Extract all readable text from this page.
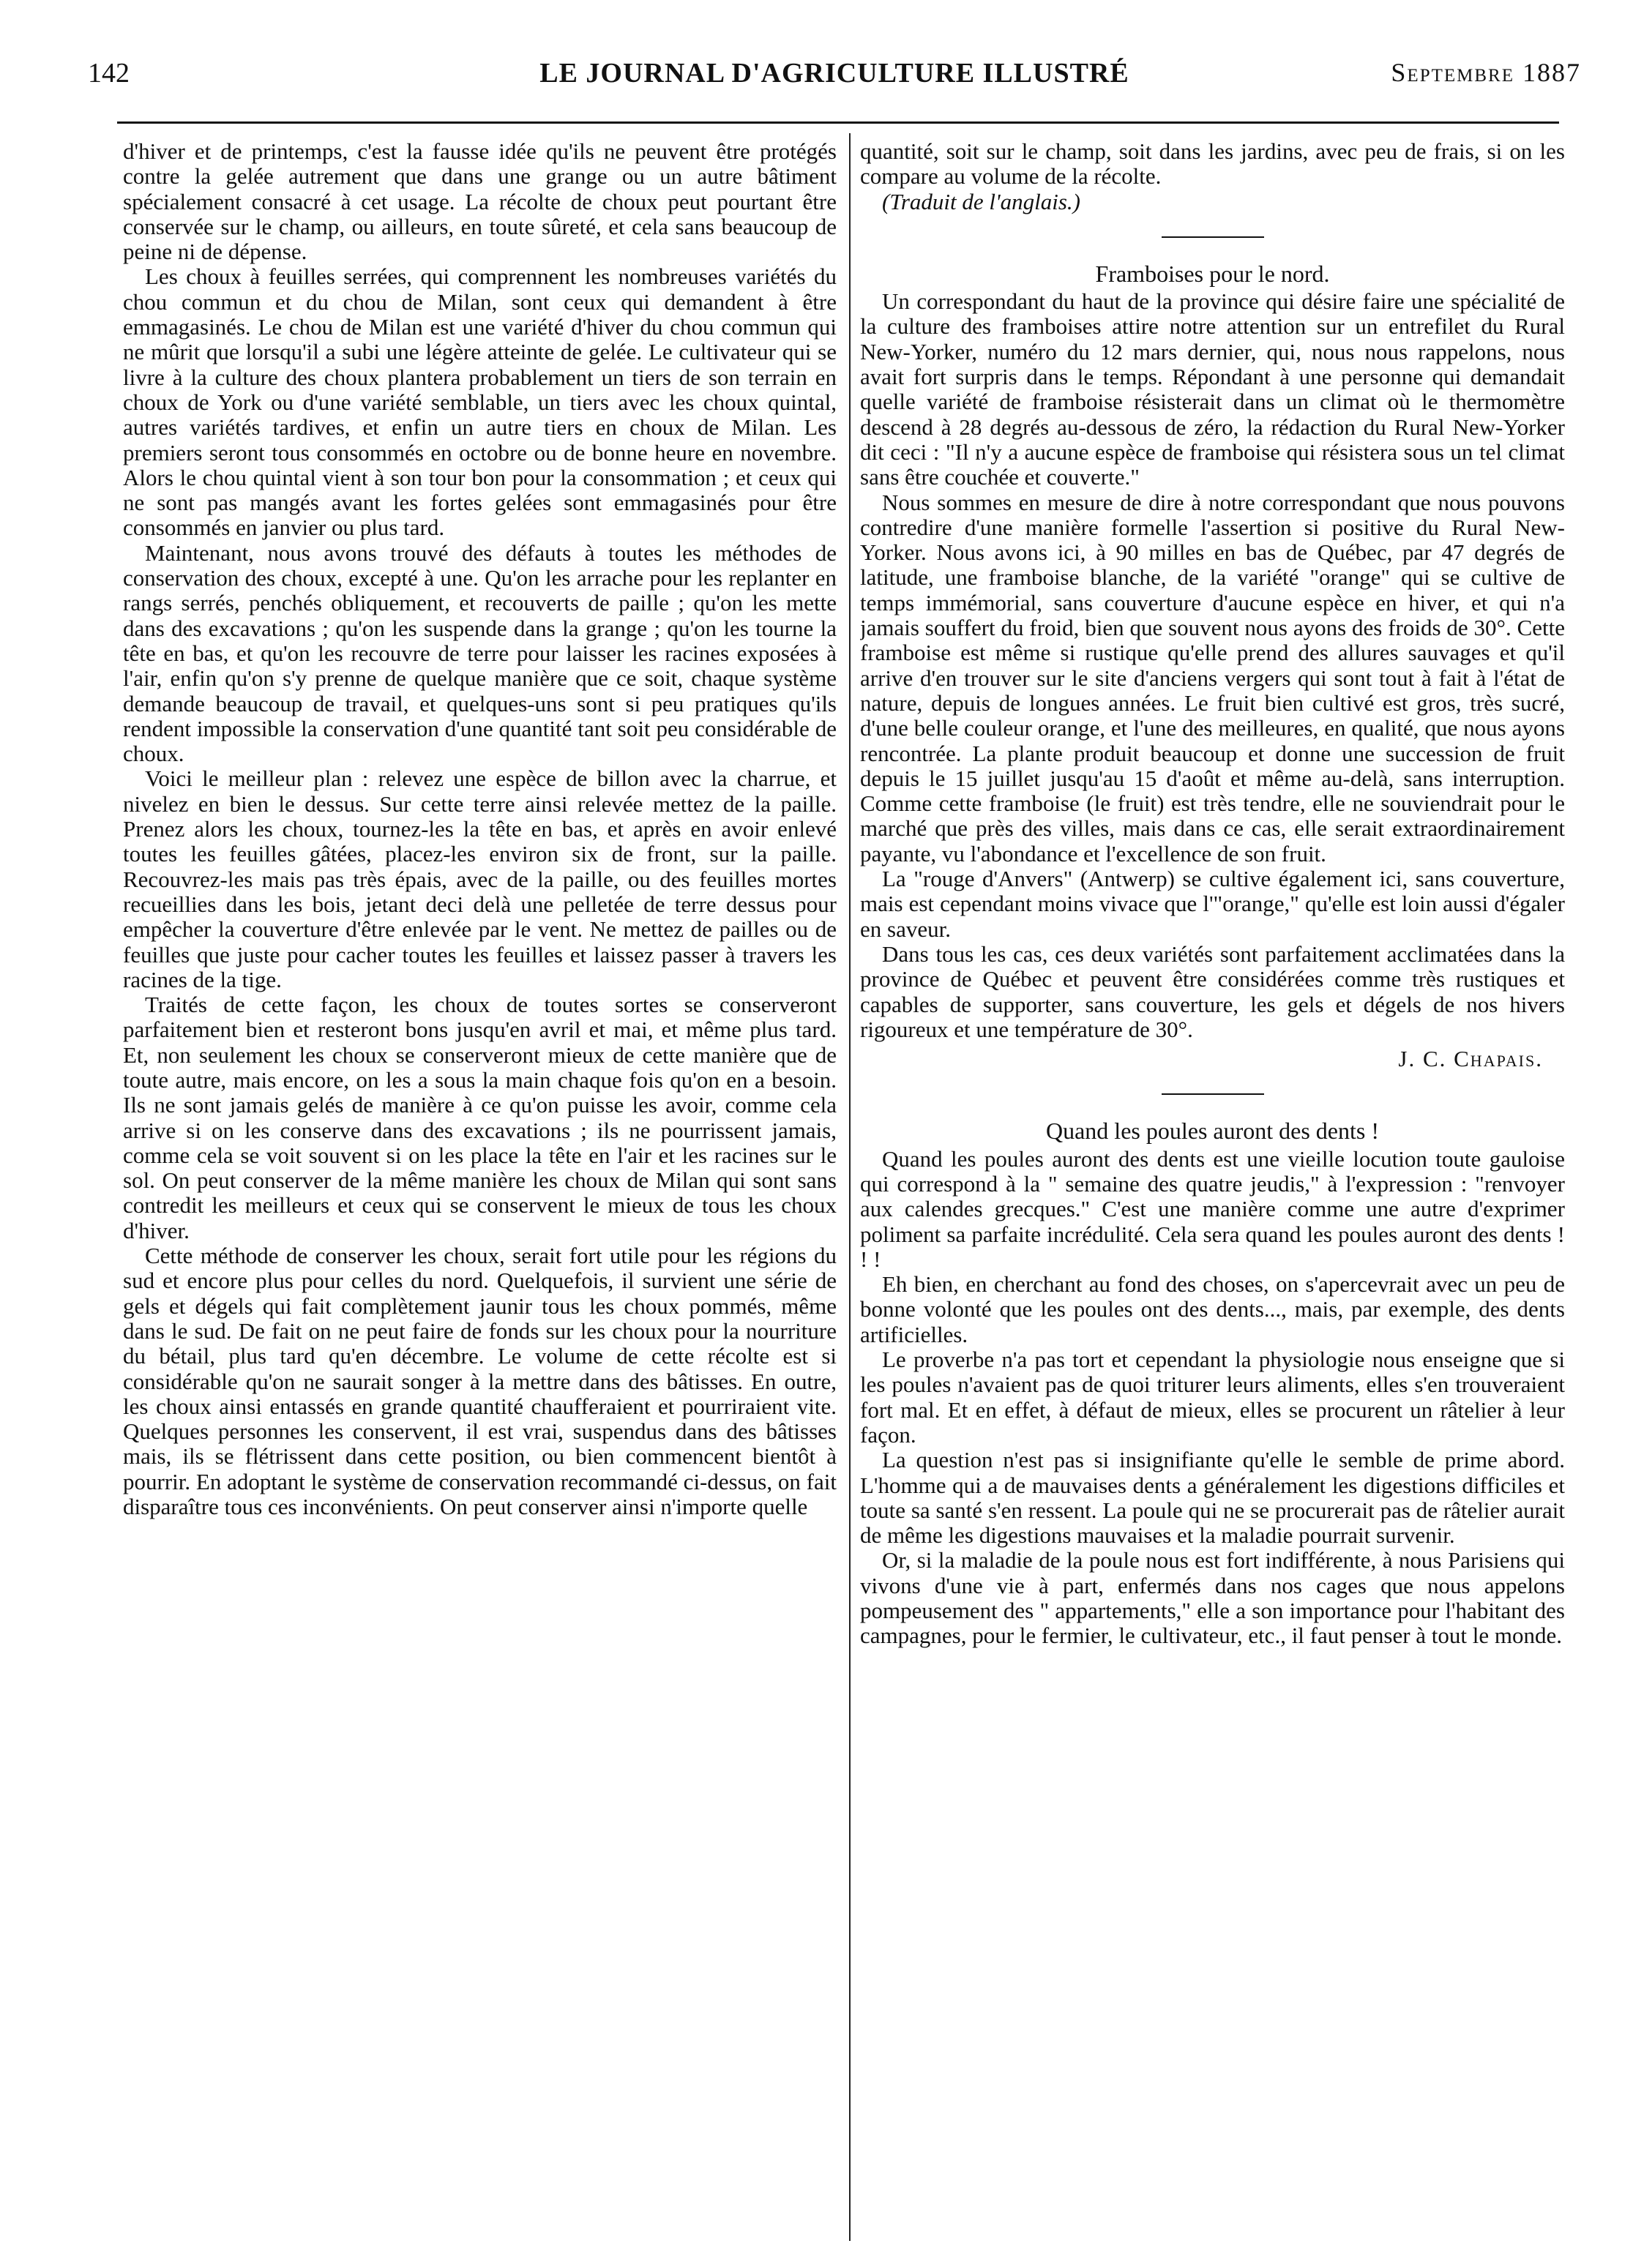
142	LE JOURNAL D'AGRICULTURE ILLUSTRÉ	Septembre 1887

d'hiver et de printemps, c'est la fausse idée qu'ils ne peuvent être protégés contre la gelée autrement que dans une grange ou un autre bâtiment spécialement consacré à cet usage. La récolte de choux peut pourtant être conservée sur le champ, ou ailleurs, en toute sûreté, et cela sans beaucoup de peine ni de dépense.

Les choux à feuilles serrées, qui comprennent les nombreuses variétés du chou commun et du chou de Milan, sont ceux qui demandent à être emmagasinés. Le chou de Milan est une variété d'hiver du chou commun qui ne mûrit que lorsqu'il a subi une légère atteinte de gelée. Le cultivateur qui se livre à la culture des choux plantera probablement un tiers de son terrain en choux de York ou d'une variété semblable, un tiers avec les choux quintal, autres variétés tardives, et enfin un autre tiers en choux de Milan. Les premiers seront tous consommés en octobre ou de bonne heure en novembre. Alors le chou quintal vient à son tour bon pour la consommation ; et ceux qui ne sont pas mangés avant les fortes gelées sont emmagasinés pour être consommés en janvier ou plus tard.

Maintenant, nous avons trouvé des défauts à toutes les méthodes de conservation des choux, excepté à une. Qu'on les arrache pour les replanter en rangs serrés, penchés obliquement, et recouverts de paille ; qu'on les mette dans des excavations ; qu'on les suspende dans la grange ; qu'on les tourne la tête en bas, et qu'on les recouvre de terre pour laisser les racines exposées à l'air, enfin qu'on s'y prenne de quelque manière que ce soit, chaque système demande beaucoup de travail, et quelques-uns sont si peu pratiques qu'ils rendent impossible la conservation d'une quantité tant soit peu considérable de choux.

Voici le meilleur plan : relevez une espèce de billon avec la charrue, et nivelez en bien le dessus. Sur cette terre ainsi relevée mettez de la paille. Prenez alors les choux, tournez-les la tête en bas, et après en avoir enlevé toutes les feuilles gâtées, placez-les environ six de front, sur la paille. Recouvrez-les mais pas très épais, avec de la paille, ou des feuilles mortes recueillies dans les bois, jetant deci delà une pelletée de terre dessus pour empêcher la couverture d'être enlevée par le vent. Ne mettez de pailles ou de feuilles que juste pour cacher toutes les feuilles et laissez passer à travers les racines de la tige.

Traités de cette façon, les choux de toutes sortes se conserveront parfaitement bien et resteront bons jusqu'en avril et mai, et même plus tard. Et, non seulement les choux se conserveront mieux de cette manière que de toute autre, mais encore, on les a sous la main chaque fois qu'on en a besoin. Ils ne sont jamais gelés de manière à ce qu'on puisse les avoir, comme cela arrive si on les conserve dans des excavations ; ils ne pourrissent jamais, comme cela se voit souvent si on les place la tête en l'air et les racines sur le sol. On peut conserver de la même manière les choux de Milan qui sont sans contredit les meilleurs et ceux qui se conservent le mieux de tous les choux d'hiver.

Cette méthode de conserver les choux, serait fort utile pour les régions du sud et encore plus pour celles du nord. Quelquefois, il survient une série de gels et dégels qui fait complètement jaunir tous les choux pommés, même dans le sud. De fait on ne peut faire de fonds sur les choux pour la nourriture du bétail, plus tard qu'en décembre. Le volume de cette récolte est si considérable qu'on ne saurait songer à la mettre dans des bâtisses. En outre, les choux ainsi entassés en grande quantité chaufferaient et pourriraient vite. Quelques personnes les conservent, il est vrai, suspendus dans des bâtisses mais, ils se flétrissent dans cette position, ou bien commencent bientôt à pourrir. En adoptant le système de conservation recommandé ci-dessus, on fait disparaître tous ces inconvénients. On peut conserver ainsi n'importe quelle

quantité, soit sur le champ, soit dans les jardins, avec peu de frais, si on les compare au volume de la récolte.

(Traduit de l'anglais.)

Framboises pour le nord.

Un correspondant du haut de la province qui désire faire une spécialité de la culture des framboises attire notre attention sur un entrefilet du Rural New-Yorker, numéro du 12 mars dernier, qui, nous nous rappelons, nous avait fort surpris dans le temps. Répondant à une personne qui demandait quelle variété de framboise résisterait dans un climat où le thermomètre descend à 28 degrés au-dessous de zéro, la rédaction du Rural New-Yorker dit ceci : "Il n'y a aucune espèce de framboise qui résistera sous un tel climat sans être couchée et couverte."

Nous sommes en mesure de dire à notre correspondant que nous pouvons contredire d'une manière formelle l'assertion si positive du Rural New-Yorker. Nous avons ici, à 90 milles en bas de Québec, par 47 degrés de latitude, une framboise blanche, de la variété "orange" qui se cultive de temps immémorial, sans couverture d'aucune espèce en hiver, et qui n'a jamais souffert du froid, bien que souvent nous ayons des froids de 30°. Cette framboise est même si rustique qu'elle prend des allures sauvages et qu'il arrive d'en trouver sur le site d'anciens vergers qui sont tout à fait à l'état de nature, depuis de longues années. Le fruit bien cultivé est gros, très sucré, d'une belle couleur orange, et l'une des meilleures, en qualité, que nous ayons rencontrée. La plante produit beaucoup et donne une succession de fruit depuis le 15 juillet jusqu'au 15 d'août et même au-delà, sans interruption. Comme cette framboise (le fruit) est très tendre, elle ne souviendrait pour le marché que près des villes, mais dans ce cas, elle serait extraordinairement payante, vu l'abondance et l'excellence de son fruit.

La "rouge d'Anvers" (Antwerp) se cultive également ici, sans couverture, mais est cependant moins vivace que l'"orange," qu'elle est loin aussi d'égaler en saveur.

Dans tous les cas, ces deux variétés sont parfaitement acclimatées dans la province de Québec et peuvent être considérées comme très rustiques et capables de supporter, sans couverture, les gels et dégels de nos hivers rigoureux et une température de 30°.

J. C. Chapais.

Quand les poules auront des dents !

Quand les poules auront des dents est une vieille locution toute gauloise qui correspond à la " semaine des quatre jeudis," à l'expression : "renvoyer aux calendes grecques." C'est une manière comme une autre d'exprimer poliment sa parfaite incrédulité. Cela sera quand les poules auront des dents ! ! !

Eh bien, en cherchant au fond des choses, on s'apercevrait avec un peu de bonne volonté que les poules ont des dents..., mais, par exemple, des dents artificielles.

Le proverbe n'a pas tort et cependant la physiologie nous enseigne que si les poules n'avaient pas de quoi triturer leurs aliments, elles s'en trouveraient fort mal. Et en effet, à défaut de mieux, elles se procurent un râtelier à leur façon.

La question n'est pas si insignifiante qu'elle le semble de prime abord. L'homme qui a de mauvaises dents a généralement les digestions difficiles et toute sa santé s'en ressent. La poule qui ne se procurerait pas de râtelier aurait de même les digestions mauvaises et la maladie pourrait survenir.

Or, si la maladie de la poule nous est fort indifférente, à nous Parisiens qui vivons d'une vie à part, enfermés dans nos cages que nous appelons pompeusement des " appartements," elle a son importance pour l'habitant des campagnes, pour le fermier, le cultivateur, etc., il faut penser à tout le monde.
